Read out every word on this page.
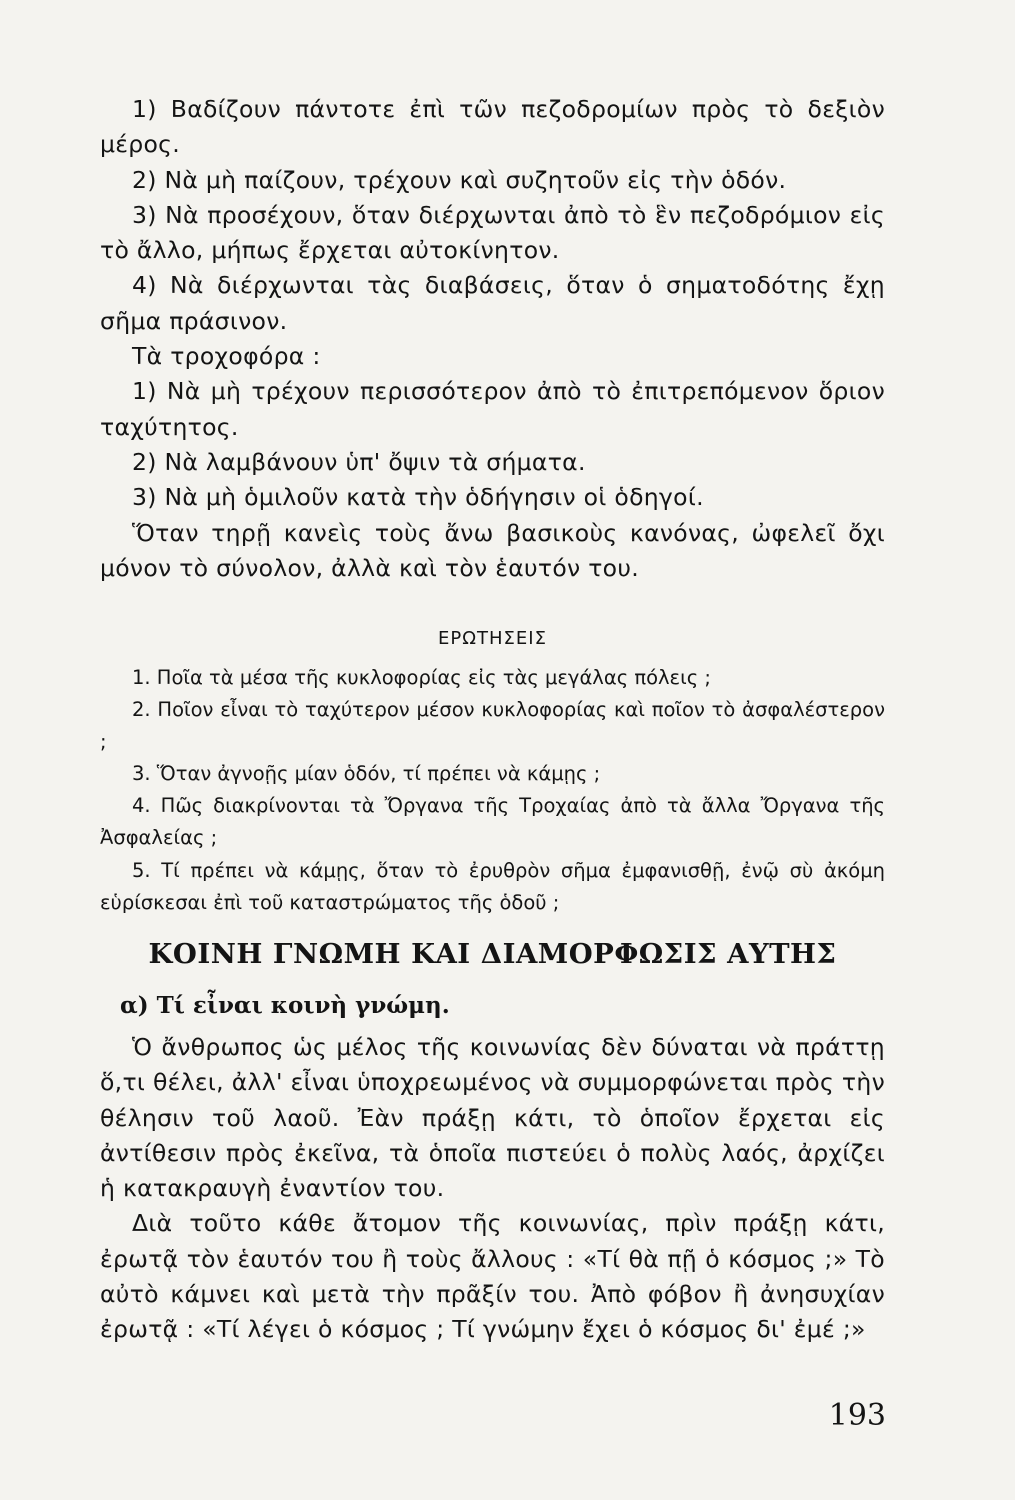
1) Βαδίζουν πάντοτε ἐπὶ τῶν πεζοδρομίων πρὸς τὸ δεξιὸν μέρος.

2) Νὰ μὴ παίζουν, τρέχουν καὶ συζητοῦν εἰς τὴν ὁδόν.

3) Νὰ προσέχουν, ὅταν διέρχωνται ἀπὸ τὸ ἓν πεζοδρόμιον εἰς τὸ ἄλλο, μήπως ἔρχεται αὐτοκίνητον.

4) Νὰ διέρχωνται τὰς διαβάσεις, ὅταν ὁ σηματοδότης ἔχῃ σῆμα πράσινον.

Τὰ τροχοφόρα :

1) Νὰ μὴ τρέχουν περισσότερον ἀπὸ τὸ ἐπιτρεπόμενον ὅριον ταχύτητος.

2) Νὰ λαμβάνουν ὑπ' ὄψιν τὰ σήματα.

3) Νὰ μὴ ὁμιλοῦν κατὰ τὴν ὁδήγησιν οἱ ὁδηγοί.

Ὅταν τηρῇ κανεὶς τοὺς ἄνω βασικοὺς κανόνας, ὠφελεῖ ὄχι μόνον τὸ σύνολον, ἀλλὰ καὶ τὸν ἑαυτόν του.

ΕΡΩΤΗΣΕΙΣ

1. Ποῖα τὰ μέσα τῆς κυκλοφορίας εἰς τὰς μεγάλας πόλεις ;

2. Ποῖον εἶναι τὸ ταχύτερον μέσον κυκλοφορίας καὶ ποῖον τὸ ἀσφαλέστερον ;

3. Ὅταν ἀγνοῇς μίαν ὁδόν, τί πρέπει νὰ κάμῃς ;

4. Πῶς διακρίνονται τὰ Ὄργανα τῆς Τροχαίας ἀπὸ τὰ ἄλλα Ὄργανα τῆς Ἀσφαλείας ;

5. Τί πρέπει νὰ κάμῃς, ὅταν τὸ ἐρυθρὸν σῆμα ἐμφανισθῇ, ἐνῷ σὺ ἀκόμη εὑρίσκεσαι ἐπὶ τοῦ καταστρώματος τῆς ὁδοῦ ;

ΚΟΙΝΗ ΓΝΩΜΗ ΚΑΙ ΔΙΑΜΟΡΦΩΣΙΣ ΑΥΤΗΣ
α) Τί εἶναι κοινὴ γνώμη.

Ὁ ἄνθρωπος ὡς μέλος τῆς κοινωνίας δὲν δύναται νὰ πράττῃ ὅ,τι θέλει, ἀλλ' εἶναι ὑποχρεωμένος νὰ συμμορφώνεται πρὸς τὴν θέλησιν τοῦ λαοῦ. Ἐὰν πράξῃ κάτι, τὸ ὁποῖον ἔρχεται εἰς ἀντίθεσιν πρὸς ἐκεῖνα, τὰ ὁποῖα πιστεύει ὁ πολὺς λαός, ἀρχίζει ἡ κατακραυγὴ ἐναντίον του.

Διὰ τοῦτο κάθε ἄτομον τῆς κοινωνίας, πρὶν πράξῃ κάτι, ἐρωτᾷ τὸν ἑαυτόν του ἢ τοὺς ἄλλους : «Τί θὰ πῇ ὁ κόσμος ;» Τὸ αὐτὸ κάμνει καὶ μετὰ τὴν πρᾶξίν του. Ἀπὸ φόβον ἢ ἀνησυχίαν ἐρωτᾷ : «Τί λέγει ὁ κόσμος ; Τί γνώμην ἔχει ὁ κόσμος δι' ἐμέ ;»

193
